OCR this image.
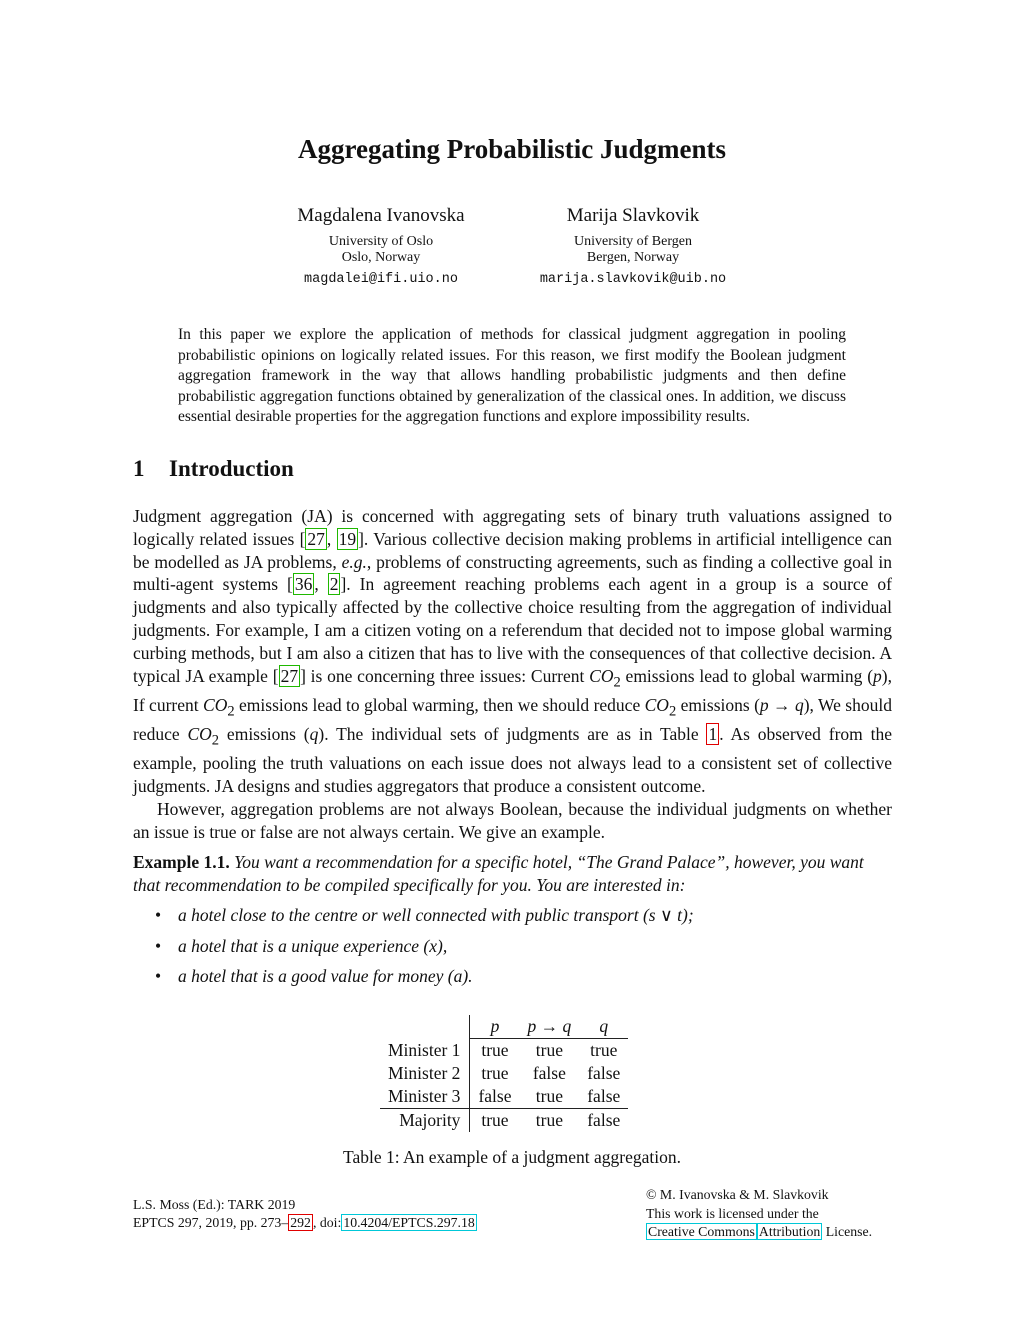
Aggregating Probabilistic Judgments
Magdalena Ivanovska
University of Oslo
Oslo, Norway
magdalei@ifi.uio.no
Marija Slavkovik
University of Bergen
Bergen, Norway
marija.slavkovik@uib.no
In this paper we explore the application of methods for classical judgment aggregation in pooling probabilistic opinions on logically related issues. For this reason, we first modify the Boolean judgment aggregation framework in the way that allows handling probabilistic judgments and then define probabilistic aggregation functions obtained by generalization of the classical ones. In addition, we discuss essential desirable properties for the aggregation functions and explore impossibility results.
1 Introduction

Judgment aggregation (JA) is concerned with aggregating sets of binary truth valuations assigned to logically related issues [ 27 , 19 ]. Various collective decision making problems in artificial intelligence can be modelled as JA problems, e.g., problems of constructing agreements, such as finding a collective goal in multi-agent systems [ 36 , 2 ]. In agreement reaching problems each agent in a group is a source of judgments and also typically affected by the collective choice resulting from the aggregation of individual judgments. For example, I am a citizen voting on a referendum that decided not to impose global warming curbing methods, but I am also a citizen that has to live with the consequences of that collective decision. A typical JA example [ 27 ] is one concerning three issues: Current $CO_2$ emissions lead to global warming (p), If current $CO_2$ emissions lead to global warming, then we should reduce $CO_2$ emissions (p → q), We should reduce $CO_2$ emissions (q). The individual sets of judgments are as in Table 1 . As observed from the example, pooling the truth valuations on each issue does not always lead to a consistent set of collective judgments. JA designs and studies aggregators that produce a consistent outcome.

However, aggregation problems are not always Boolean, because the individual judgments on whether an issue is true or false are not always certain. We give an example.

Example 1.1. You want a recommendation for a specific hotel, “The Grand Palace”, however, you want that recommendation to be compiled specifically for you. You are interested in:
• a hotel close to the centre or well connected with public transport (s ∨ t);
• a hotel that is a unique experience (x),
• a hotel that is a good value for money (a).
	p	p → q	q
Minister 1	true	true	true
Minister 2	true	false	false
Minister 3	false	true	false
Majority	true	true	false
Table 1: An example of a judgment aggregation.
L.S. Moss (Ed.): TARK 2019
EPTCS 297, 2019, pp. 273– 292 , doi: 10.4204/EPTCS.297.18
© M. Ivanovska & M. Slavkovik
This work is licensed under the
Creative Commons Attribution License.
